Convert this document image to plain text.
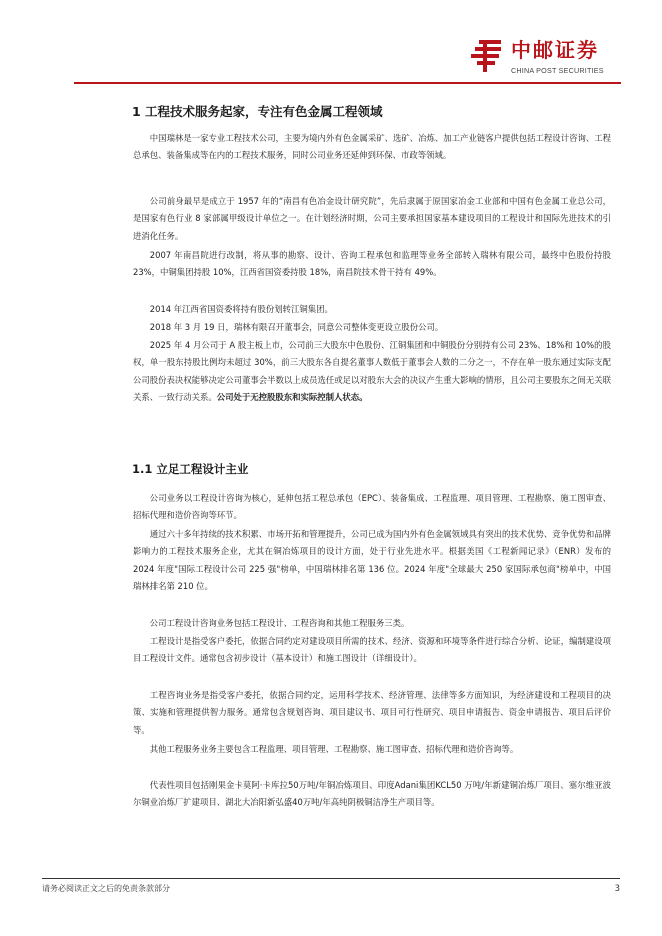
中邮证券
CHINA POST SECURITIES
1 工程技术服务起家，专注有色金属工程领域

中国瑞林是一家专业工程技术公司，主要为境内外有色金属采矿、选矿、冶炼、加工产业链客户提供包括工程设计咨询、工程总承包、装备集成等在内的工程技术服务，同时公司业务还延伸到环保、市政等领域。

公司前身最早是成立于 1957 年的“南昌有色冶金设计研究院”，先后隶属于原国家冶金工业部和中国有色金属工业总公司，是国家有色行业 8 家部属甲级设计单位之一。在计划经济时期，公司主要承担国家基本建设项目的工程设计和国际先进技术的引进消化任务。

2007 年南昌院进行改制，将从事的勘察、设计、咨询工程承包和监理等业务全部转入瑞林有限公司，最终中色股份持股 23%，中铜集团持股 10%，江西省国资委持股 18%，南昌院技术骨干持有 49%。

2014 年江西省国资委将持有股份划转江铜集团。

2018 年 3 月 19 日，瑞林有限召开董事会，同意公司整体变更设立股份公司。

2025 年 4 月公司于 A 股主板上市，公司前三大股东中色股份、江铜集团和中铜股份分别持有公司 23%、18%和 10%的股权，单一股东持股比例均未超过 30%，前三大股东各自提名董事人数低于董事会人数的二分之一，不存在单一股东通过实际支配公司股份表决权能够决定公司董事会半数以上成员选任或足以对股东大会的决议产生重大影响的情形，且公司主要股东之间无关联关系、一致行动关系。公司处于无控股股东和实际控制人状态。

1.1 立足工程设计主业

公司业务以工程设计咨询为核心，延伸包括工程总承包（EPC）、装备集成、工程监理、项目管理、工程勘察、施工图审查、招标代理和造价咨询等环节。

通过六十多年持续的技术积累、市场开拓和管理提升，公司已成为国内外有色金属领域具有突出的技术优势、竞争优势和品牌影响力的工程技术服务企业，尤其在铜冶炼项目的设计方面，处于行业先进水平。根据美国《工程新闻记录》（ENR）发布的 2024 年度"国际工程设计公司 225 强"榜单，中国瑞林排名第 136 位。2024 年度"全球最大 250 家国际承包商"榜单中，中国瑞林排名第 210 位。

公司工程设计咨询业务包括工程设计、工程咨询和其他工程服务三类。

工程设计是指受客户委托，依据合同约定对建设项目所需的技术、经济、资源和环境等条件进行综合分析、论证，编制建设项目工程设计文件。通常包含初步设计（基本设计）和施工图设计（详细设计）。

工程咨询业务是指受客户委托，依据合同约定，运用科学技术、经济管理、法律等多方面知识，为经济建设和工程项目的决策、实施和管理提供智力服务。通常包含规划咨询、项目建议书、项目可行性研究、项目申请报告、资金申请报告、项目后评价等。

其他工程服务业务主要包含工程监理、项目管理、工程勘察、施工图审查、招标代理和造价咨询等。

代表性项目包括刚果金卡莫阿·卡库拉50万吨/年铜冶炼项目、印度Adani集团KCL50 万吨/年新建铜冶炼厂项目、塞尔维亚波尔铜业冶炼厂扩建项目、湖北大冶阳新弘盛40万吨/年高纯阴极铜洁净生产项目等。

请务必阅读正文之后的免责条款部分	3
